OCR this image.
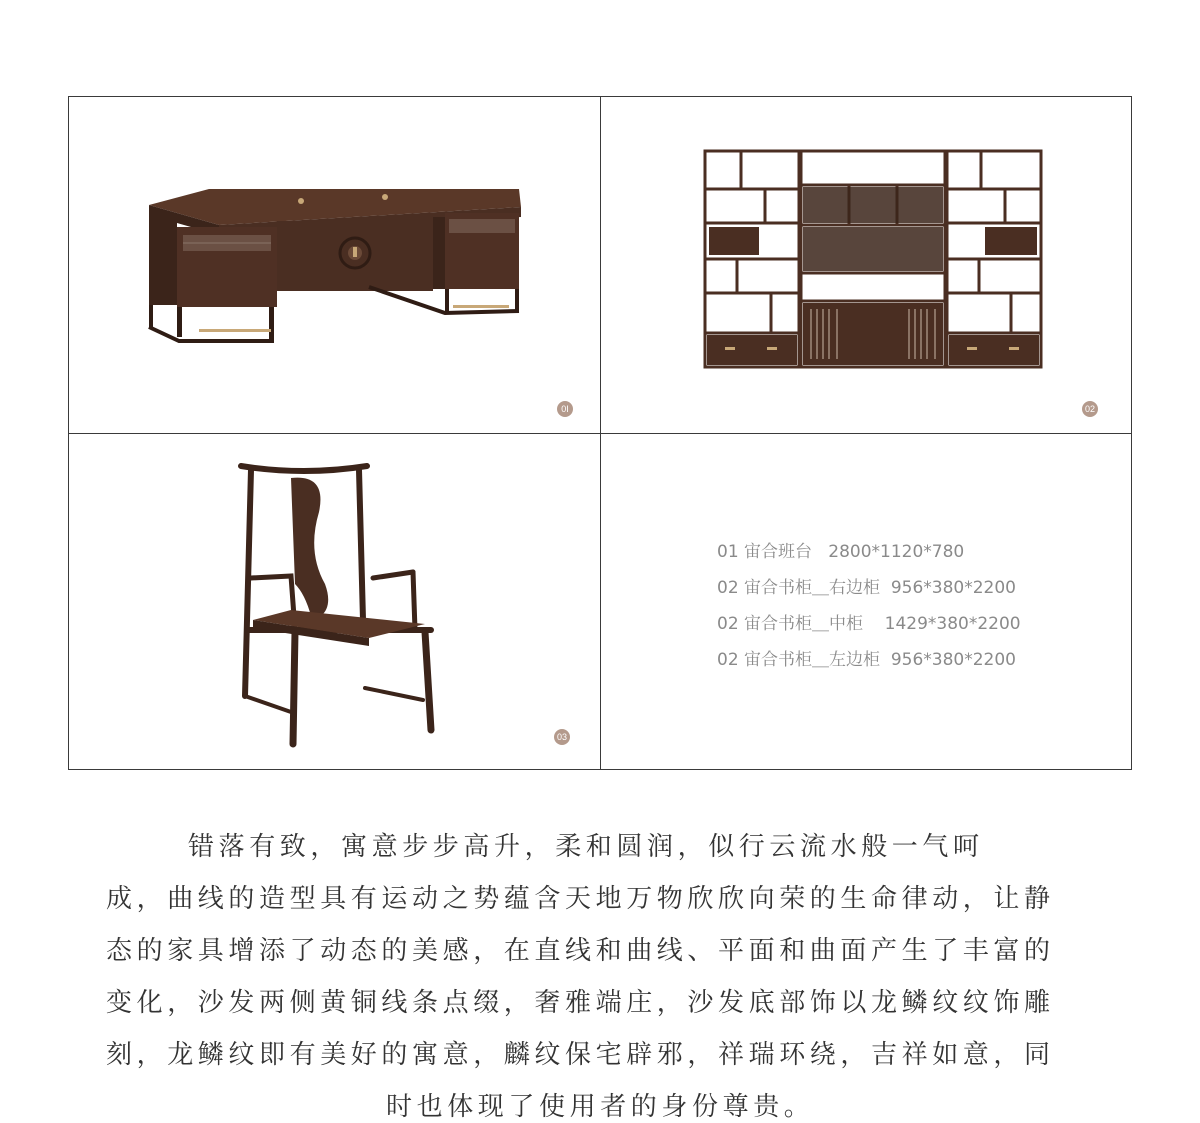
0I	02
03
01 宙合班台   2800*1120*780
02 宙合书柜＿右边柜  956*380*2200
02 宙合书柜＿中柜    1429*380*2200
02 宙合书柜＿左边柜  956*380*2200
错落有致，寓意步步高升，柔和圆润，似行云流水般一气呵
成，曲线的造型具有运动之势蕴含天地万物欣欣向荣的生命律动，让静
态的家具增添了动态的美感，在直线和曲线、平面和曲面产生了丰富的
变化，沙发两侧黄铜线条点缀，奢雅端庄，沙发底部饰以龙鳞纹纹饰雕
刻，龙鳞纹即有美好的寓意，麟纹保宅辟邪，祥瑞环绕，吉祥如意，同
时也体现了使用者的身份尊贵。
